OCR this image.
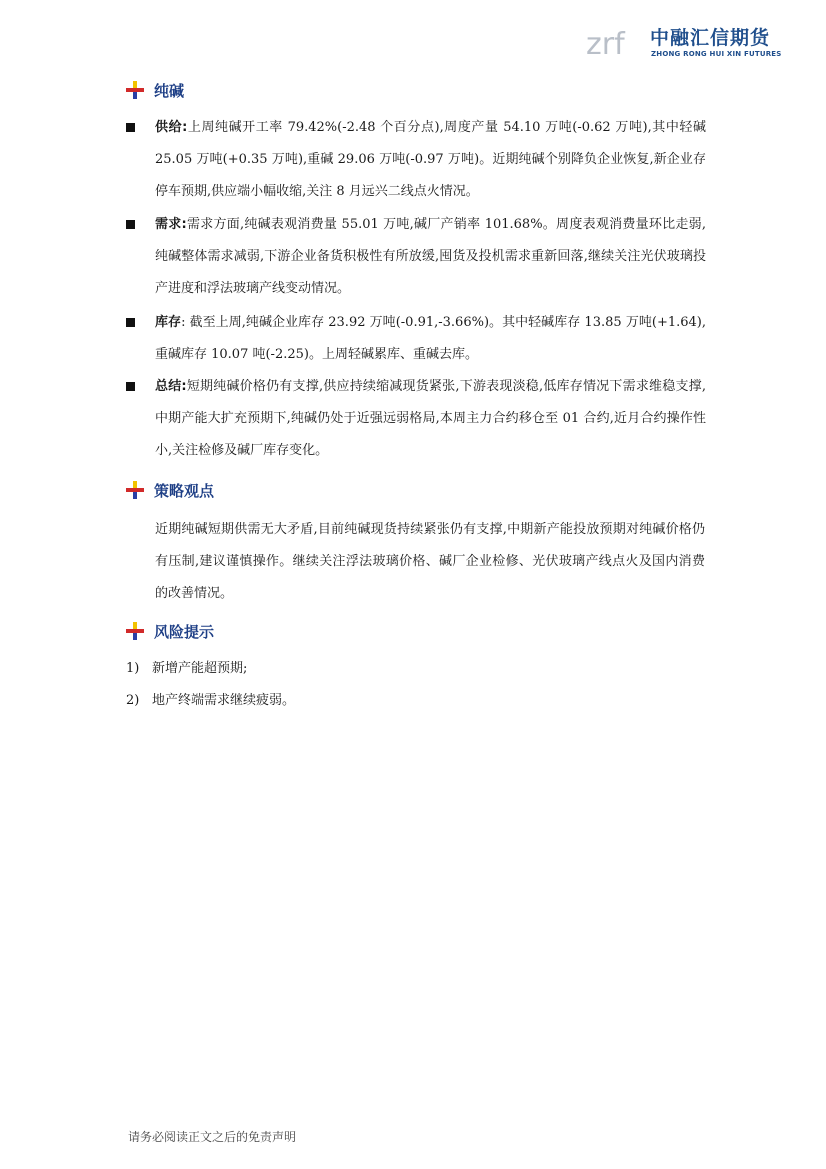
zrf 中融汇信期货
ZHONG RONG HUI XIN FUTURES
纯碱
供给:上周纯碱开工率 79.42%(-2.48 个百分点),周度产量 54.10 万吨(-0.62 万吨),其中轻碱 25.05 万吨(+0.35 万吨),重碱 29.06 万吨(-0.97 万吨)。近期纯碱个别降负企业恢复,新企业存停车预期,供应端小幅收缩,关注 8 月远兴二线点火情况。
需求:需求方面,纯碱表观消费量 55.01 万吨,碱厂产销率 101.68%。周度表观消费量环比走弱,纯碱整体需求减弱,下游企业备货积极性有所放缓,囤货及投机需求重新回落,继续关注光伏玻璃投产进度和浮法玻璃产线变动情况。
库存: 截至上周,纯碱企业库存 23.92 万吨(-0.91,-3.66%)。其中轻碱库存 13.85 万吨(+1.64),重碱库存 10.07 吨(-2.25)。上周轻碱累库、重碱去库。
总结:短期纯碱价格仍有支撑,供应持续缩减现货紧张,下游表现淡稳,低库存情况下需求维稳支撑,中期产能大扩充预期下,纯碱仍处于近强远弱格局,本周主力合约移仓至 01 合约,近月合约操作性小,关注检修及碱厂库存变化。
策略观点
近期纯碱短期供需无大矛盾,目前纯碱现货持续紧张仍有支撑,中期新产能投放预期对纯碱价格仍有压制,建议谨慎操作。继续关注浮法玻璃价格、碱厂企业检修、光伏玻璃产线点火及国内消费的改善情况。
风险提示
1) 新增产能超预期;
2) 地产终端需求继续疲弱。
请务必阅读正文之后的免责声明
